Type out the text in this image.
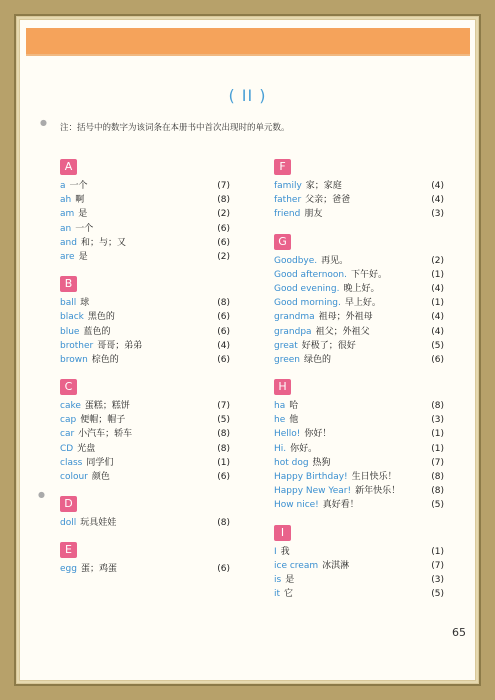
( II )
注：括号中的数字为该词条在本册书中首次出现时的单元数。
●
●
A
a 一个	(7)
ah 啊	(8)
am 是	(2)
an 一个	(6)
and 和；与；又	(6)
are 是	(2)
B
ball 球	(8)
black 黑色的	(6)
blue 蓝色的	(6)
brother 哥哥；弟弟	(4)
brown 棕色的	(6)
C
cake 蛋糕；糕饼	(7)
cap 便帽；帽子	(5)
car 小汽车；轿车	(8)
CD 光盘	(8)
class 同学们	(1)
colour 颜色	(6)
D
doll 玩具娃娃	(8)
E
egg 蛋；鸡蛋	(6)
F
family 家；家庭	(4)
father 父亲；爸爸	(4)
friend 朋友	(3)
G
Goodbye. 再见。	(2)
Good afternoon. 下午好。	(1)
Good evening. 晚上好。	(4)
Good morning. 早上好。	(1)
grandma 祖母；外祖母	(4)
grandpa 祖父；外祖父	(4)
great 好极了；很好	(5)
green 绿色的	(6)
H
ha 哈	(8)
he 他	(3)
Hello! 你好！	(1)
Hi. 你好。	(1)
hot dog 热狗	(7)
Happy Birthday! 生日快乐！	(8)
Happy New Year! 新年快乐！	(8)
How nice! 真好看！	(5)
I
I 我	(1)
ice cream 冰淇淋	(7)
is 是	(3)
it 它	(5)
65
